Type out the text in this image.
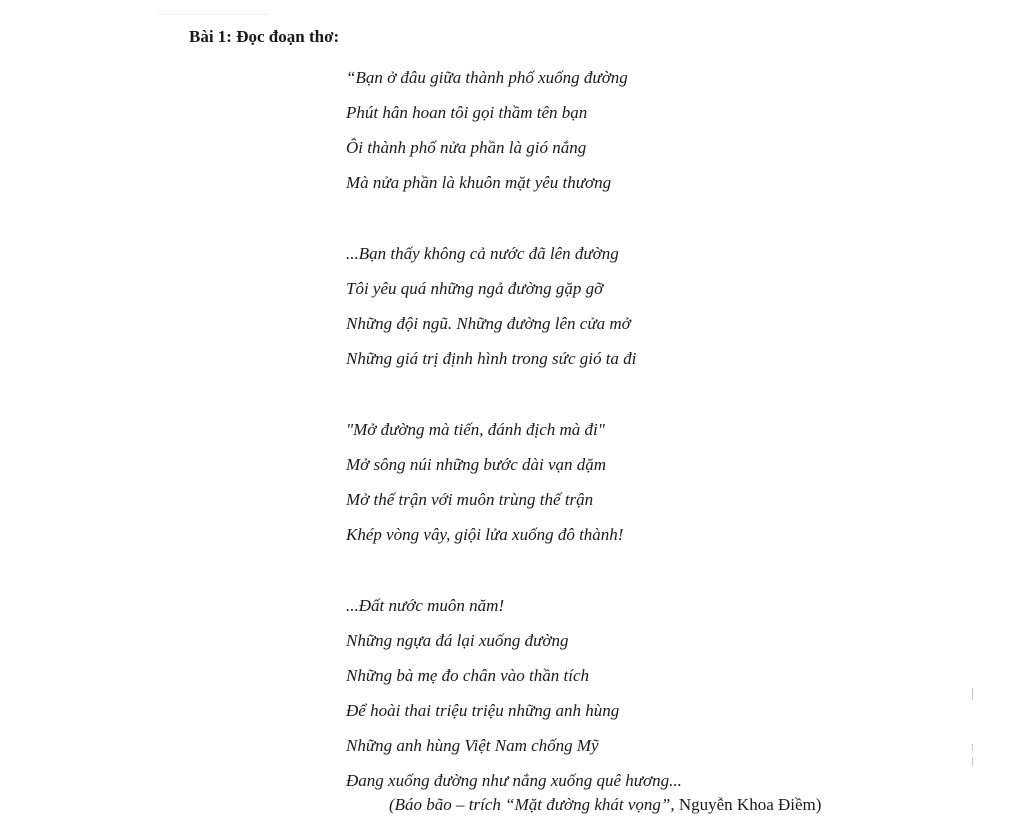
Bài 1: Đọc đoạn thơ:
“Bạn ở đâu giữa thành phố xuống đường
Phút hân hoan tôi gọi thầm tên bạn
Ôi thành phố nửa phần là gió nắng
Mà nửa phần là khuôn mặt yêu thương
...Bạn thấy không cả nước đã lên đường
Tôi yêu quá những ngả đường gặp gỡ
Những đội ngũ. Những đường lên cửa mở
Những giá trị định hình trong sức gió ta đi
"Mở đường mà tiến, đánh địch mà đi"
Mở sông núi những bước dài vạn dặm
Mở thế trận với muôn trùng thế trận
Khép vòng vây, giội lửa xuống đô thành!
...Đất nước muôn năm!
Những ngựa đá lại xuống đường
Những bà mẹ đo chân vào thần tích
Để hoài thai triệu triệu những anh hùng
Những anh hùng Việt Nam chống Mỹ
Đang xuống đường như nắng xuống quê hương...
(Báo bão – trích “Mặt đường khát vọng”, Nguyễn Khoa Điềm)
